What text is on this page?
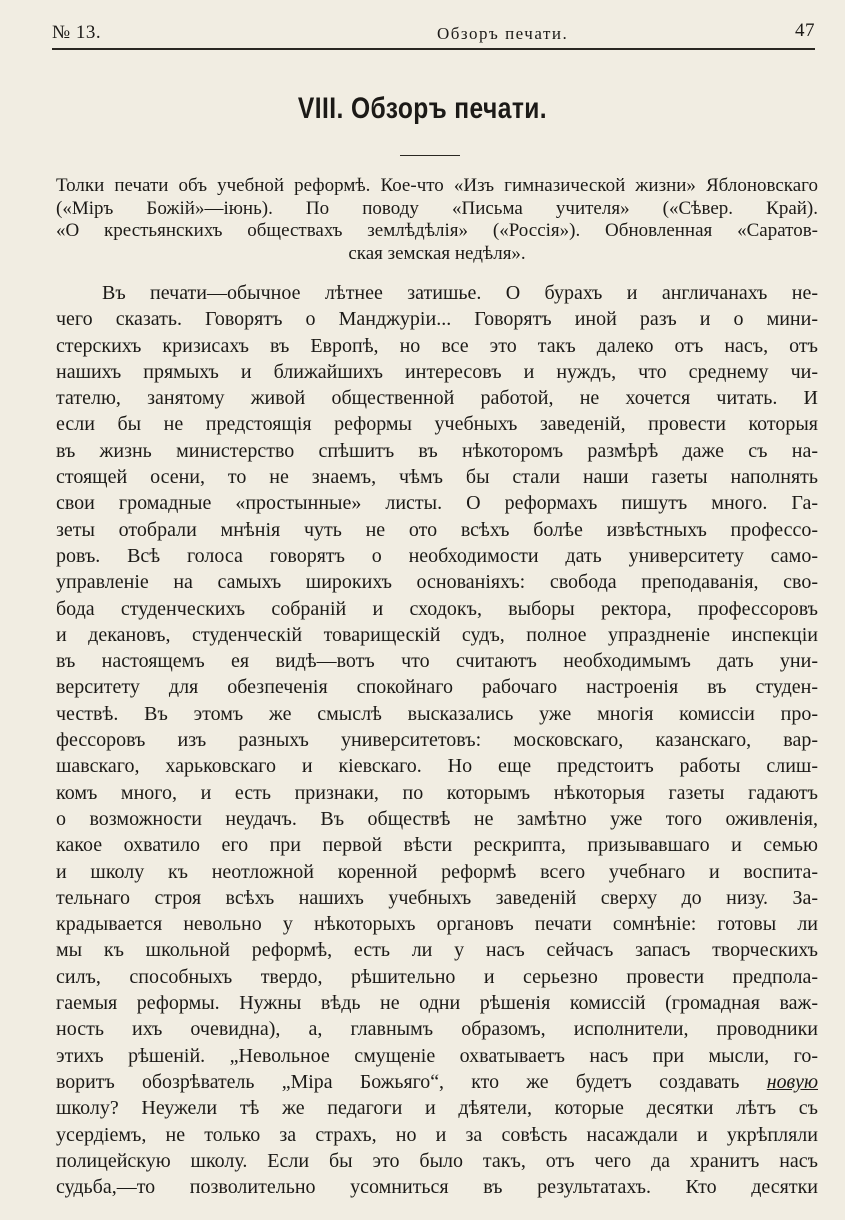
№ 13.	Обзоръ печати.	47
VIII. Обзоръ печати.
Толки печати объ учебной реформѣ. Кое-что «Изъ гимназической жизни» Яблоновскаго
(«Міръ Божій»—іюнь). По поводу «Письма учителя» («Сѣвер. Край).
«О крестьянскихъ обществахъ землѣдѣлія» («Россія»). Обновленная «Саратов-
ская земская недѣля».
Въ печати—обычное лѣтнее затишье. О бурахъ и англичанахъ не-
чего сказать. Говорятъ о Манджуріи... Говорятъ иной разъ и о мини-
стерскихъ кризисахъ въ Европѣ, но все это такъ далеко отъ насъ, отъ
нашихъ прямыхъ и ближайшихъ интересовъ и нуждъ, что среднему чи-
тателю, занятому живой общественной работой, не хочется читать. И
если бы не предстоящія реформы учебныхъ заведеній, провести которыя
въ жизнь министерство спѣшитъ въ нѣкоторомъ размѣрѣ даже съ на-
стоящей осени, то не знаемъ, чѣмъ бы стали наши газеты наполнять
свои громадные «простынные» листы. О реформахъ пишутъ много. Га-
зеты отобрали мнѣнія чуть не ото всѣхъ болѣе извѣстныхъ профессо-
ровъ. Всѣ голоса говорятъ о необходимости дать университету само-
управленіе на самыхъ широкихъ основаніяхъ: свобода преподаванія, сво-
бода студенческихъ собраній и сходокъ, выборы ректора, профессоровъ
и декановъ, студенческій товарищескій судъ, полное упраздненіе инспекціи
въ настоящемъ ея видѣ—вотъ что считаютъ необходимымъ дать уни-
верситету для обезпеченія спокойнаго рабочаго настроенія въ студен-
чествѣ. Въ этомъ же смыслѣ высказались уже многія комиссіи про-
фессоровъ изъ разныхъ университетовъ: московскаго, казанскаго, вар-
шавскаго, харьковскаго и кіевскаго. Но еще предстоитъ работы слиш-
комъ много, и есть признаки, по которымъ нѣкоторыя газеты гадаютъ
о возможности неудачъ. Въ обществѣ не замѣтно уже того оживленія,
какое охватило его при первой вѣсти рескрипта, призывавшаго и семью
и школу къ неотложной коренной реформѣ всего учебнаго и воспита-
тельнаго строя всѣхъ нашихъ учебныхъ заведеній сверху до низу. За-
крадывается невольно у нѣкоторыхъ органовъ печати сомнѣніе: готовы ли
мы къ школьной реформѣ, есть ли у насъ сейчасъ запасъ творческихъ
силъ, способныхъ твердо, рѣшительно и серьезно провести предпола-
гаемыя реформы. Нужны вѣдь не одни рѣшенія комиссій (громадная важ-
ность ихъ очевидна), а, главнымъ образомъ, исполнители, проводники
этихъ рѣшеній. „Невольное смущеніе охватываетъ насъ при мысли, го-
воритъ обозрѣватель „Міра Божьяго“, кто же будетъ создавать новую
школу? Неужели тѣ же педагоги и дѣятели, которые десятки лѣтъ съ
усердіемъ, не только за страхъ, но и за совѣсть насаждали и укрѣпляли
полицейскую школу. Если бы это было такъ, отъ чего да хранитъ насъ
судьба,—то позволительно усомниться въ результатахъ. Кто десятки
